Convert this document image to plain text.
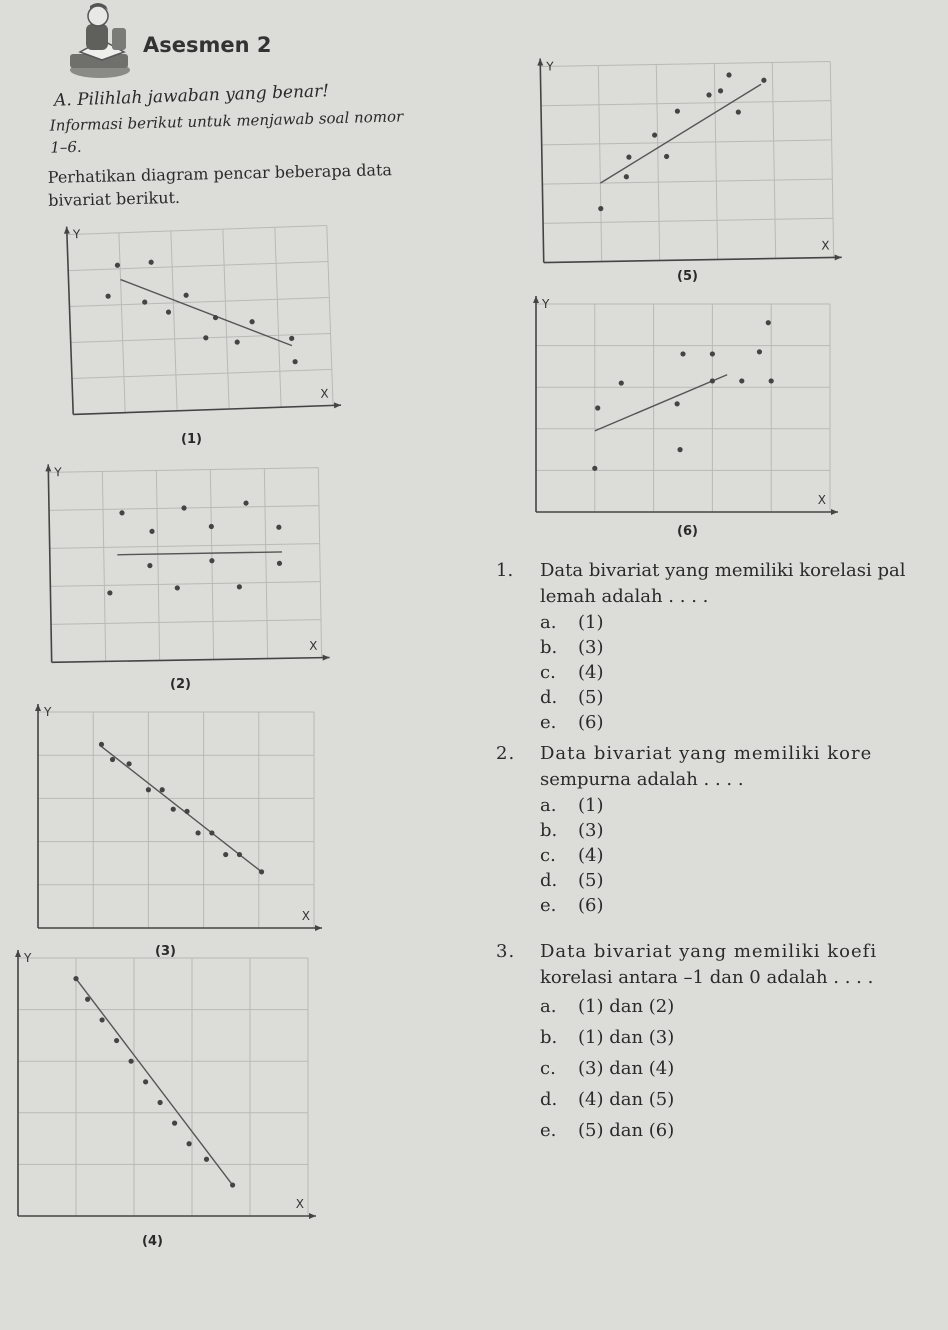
Asesmen 2
A. Pilihlah jawaban yang benar!
Informasi berikut untuk menjawab soal nomor
1–6.
Perhatikan diagram pencar beberapa data
bivariat berikut.
X
Y
(1)
X
Y
(2)
X
Y
(3)
X
Y
(4)
X
Y
(5)
X
Y
(6)
1. Data bivariat yang memiliki korelasi pal
lemah adalah . . . .
a. (1)
b. (3)
c. (4)
d. (5)
e. (6)
2. Data bivariat yang memiliki kore
sempurna adalah . . . .
a. (1)
b. (3)
c. (4)
d. (5)
e. (6)
3. Data bivariat yang memiliki koefi
korelasi antara –1 dan 0 adalah . . . .
a. (1) dan (2)
b. (1) dan (3)
c. (3) dan (4)
d. (4) dan (5)
e. (5) dan (6)
